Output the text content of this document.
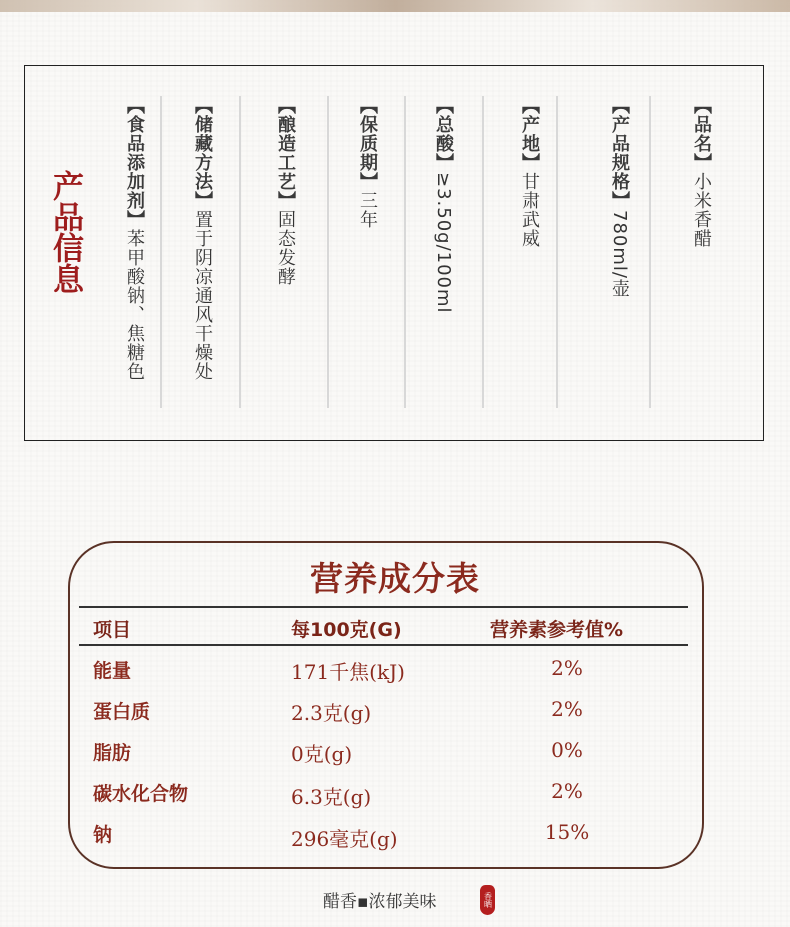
产品信息
【品名】小米香醋
【产品规格】780ml/壶
【产地】甘肃武威
【总酸】≥3.50g/100ml
【保质期】三年
【酿造工艺】固态发酵
【储藏方法】置于阴凉通风干燥处
【食品添加剂】苯甲酸钠、焦糖色
营养成分表
项目	每100克(G)	营养素参考值%
能量	171千焦(kJ)	2%
蛋白质	2.3克(g)	2%
脂肪	0克(g)	0%
碳水化合物	6.3克(g)	2%
钠	296毫克(g)	15%
醋香▪浓郁美味	香晒
